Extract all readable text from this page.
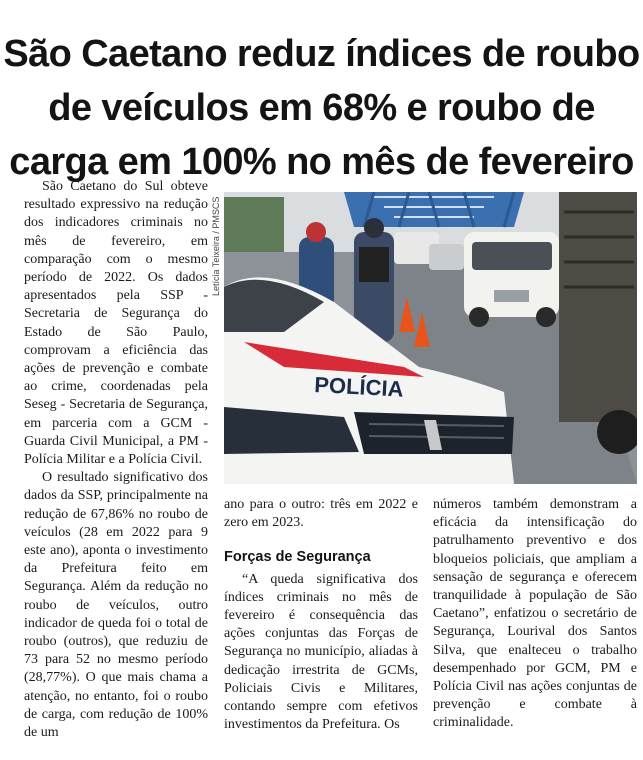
São Caetano reduz índices de roubo
de veículos em 68% e roubo de
carga em 100% no mês de fevereiro
Letícia Teixeira / PMSCS
POLÍCIA

São Caetano do Sul obteve resultado expressivo na redução dos indicadores criminais no mês de fevereiro, em comparação com o mesmo período de 2022. Os dados apresentados pela SSP - Secretaria de Segurança do Estado de São Paulo, comprovam a eficiência das ações de prevenção e combate ao crime, coordenadas pela Seseg - Secretaria de Segurança, em parceria com a GCM - Guarda Civil Municipal, a PM - Polícia Militar e a Polícia Civil.

O resultado significativo dos dados da SSP, principalmente na redução de 67,86% no roubo de veículos (28 em 2022 para 9 este ano), aponta o investimento da Prefeitura feito em Segurança. Além da redução no roubo de veículos, outro indicador de queda foi o total de roubo (outros), que reduziu de 73 para 52 no mesmo período (28,77%). O que mais chama a atenção, no entanto, foi o roubo de carga, com redução de 100% de um

ano para o outro: três em 2022 e zero em 2023.

Forças de Segurança

“A queda significativa dos índices criminais no mês de fevereiro é consequência das ações conjuntas das Forças de Segurança no município, aliadas à dedicação irrestrita de GCMs, Policiais Civis e Militares, contando sempre com efetivos investimentos da Prefeitura. Os

números também demonstram a eficácia da intensificação do patrulhamento preventivo e dos bloqueios policiais, que ampliam a sensação de segurança e oferecem tranquilidade à população de São Caetano”, enfatizou o secretário de Segurança, Lourival dos Santos Silva, que enalteceu o trabalho desempenhado por GCM, PM e Polícia Civil nas ações conjuntas de prevenção e combate à criminalidade.
